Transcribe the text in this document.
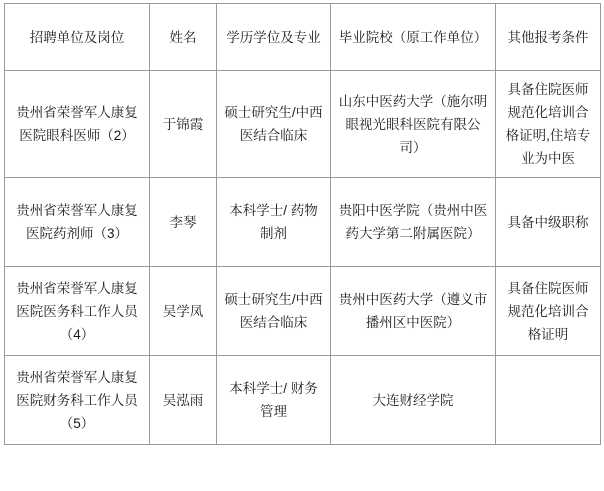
招聘单位及岗位	姓名	学历学位及专业	毕业院校（原工作单位）	其他报考条件
贵州省荣誉军人康复医院眼科医师（2）	于锦霞	硕士研究生/中西医结合临床	山东中医药大学（施尔明眼视光眼科医院有限公司）	具备住院医师规范化培训合格证明,住培专业为中医
贵州省荣誉军人康复医院药剂师（3）	李琴	本科学士/ 药物制剂	贵阳中医学院（贵州中医药大学第二附属医院）	具备中级职称
贵州省荣誉军人康复医院医务科工作人员（4）	吴学凤	硕士研究生/中西医结合临床	贵州中医药大学（遵义市播州区中医院）	具备住院医师规范化培训合格证明
贵州省荣誉军人康复医院财务科工作人员（5）	吴泓雨	本科学士/ 财务管理	大连财经学院	
